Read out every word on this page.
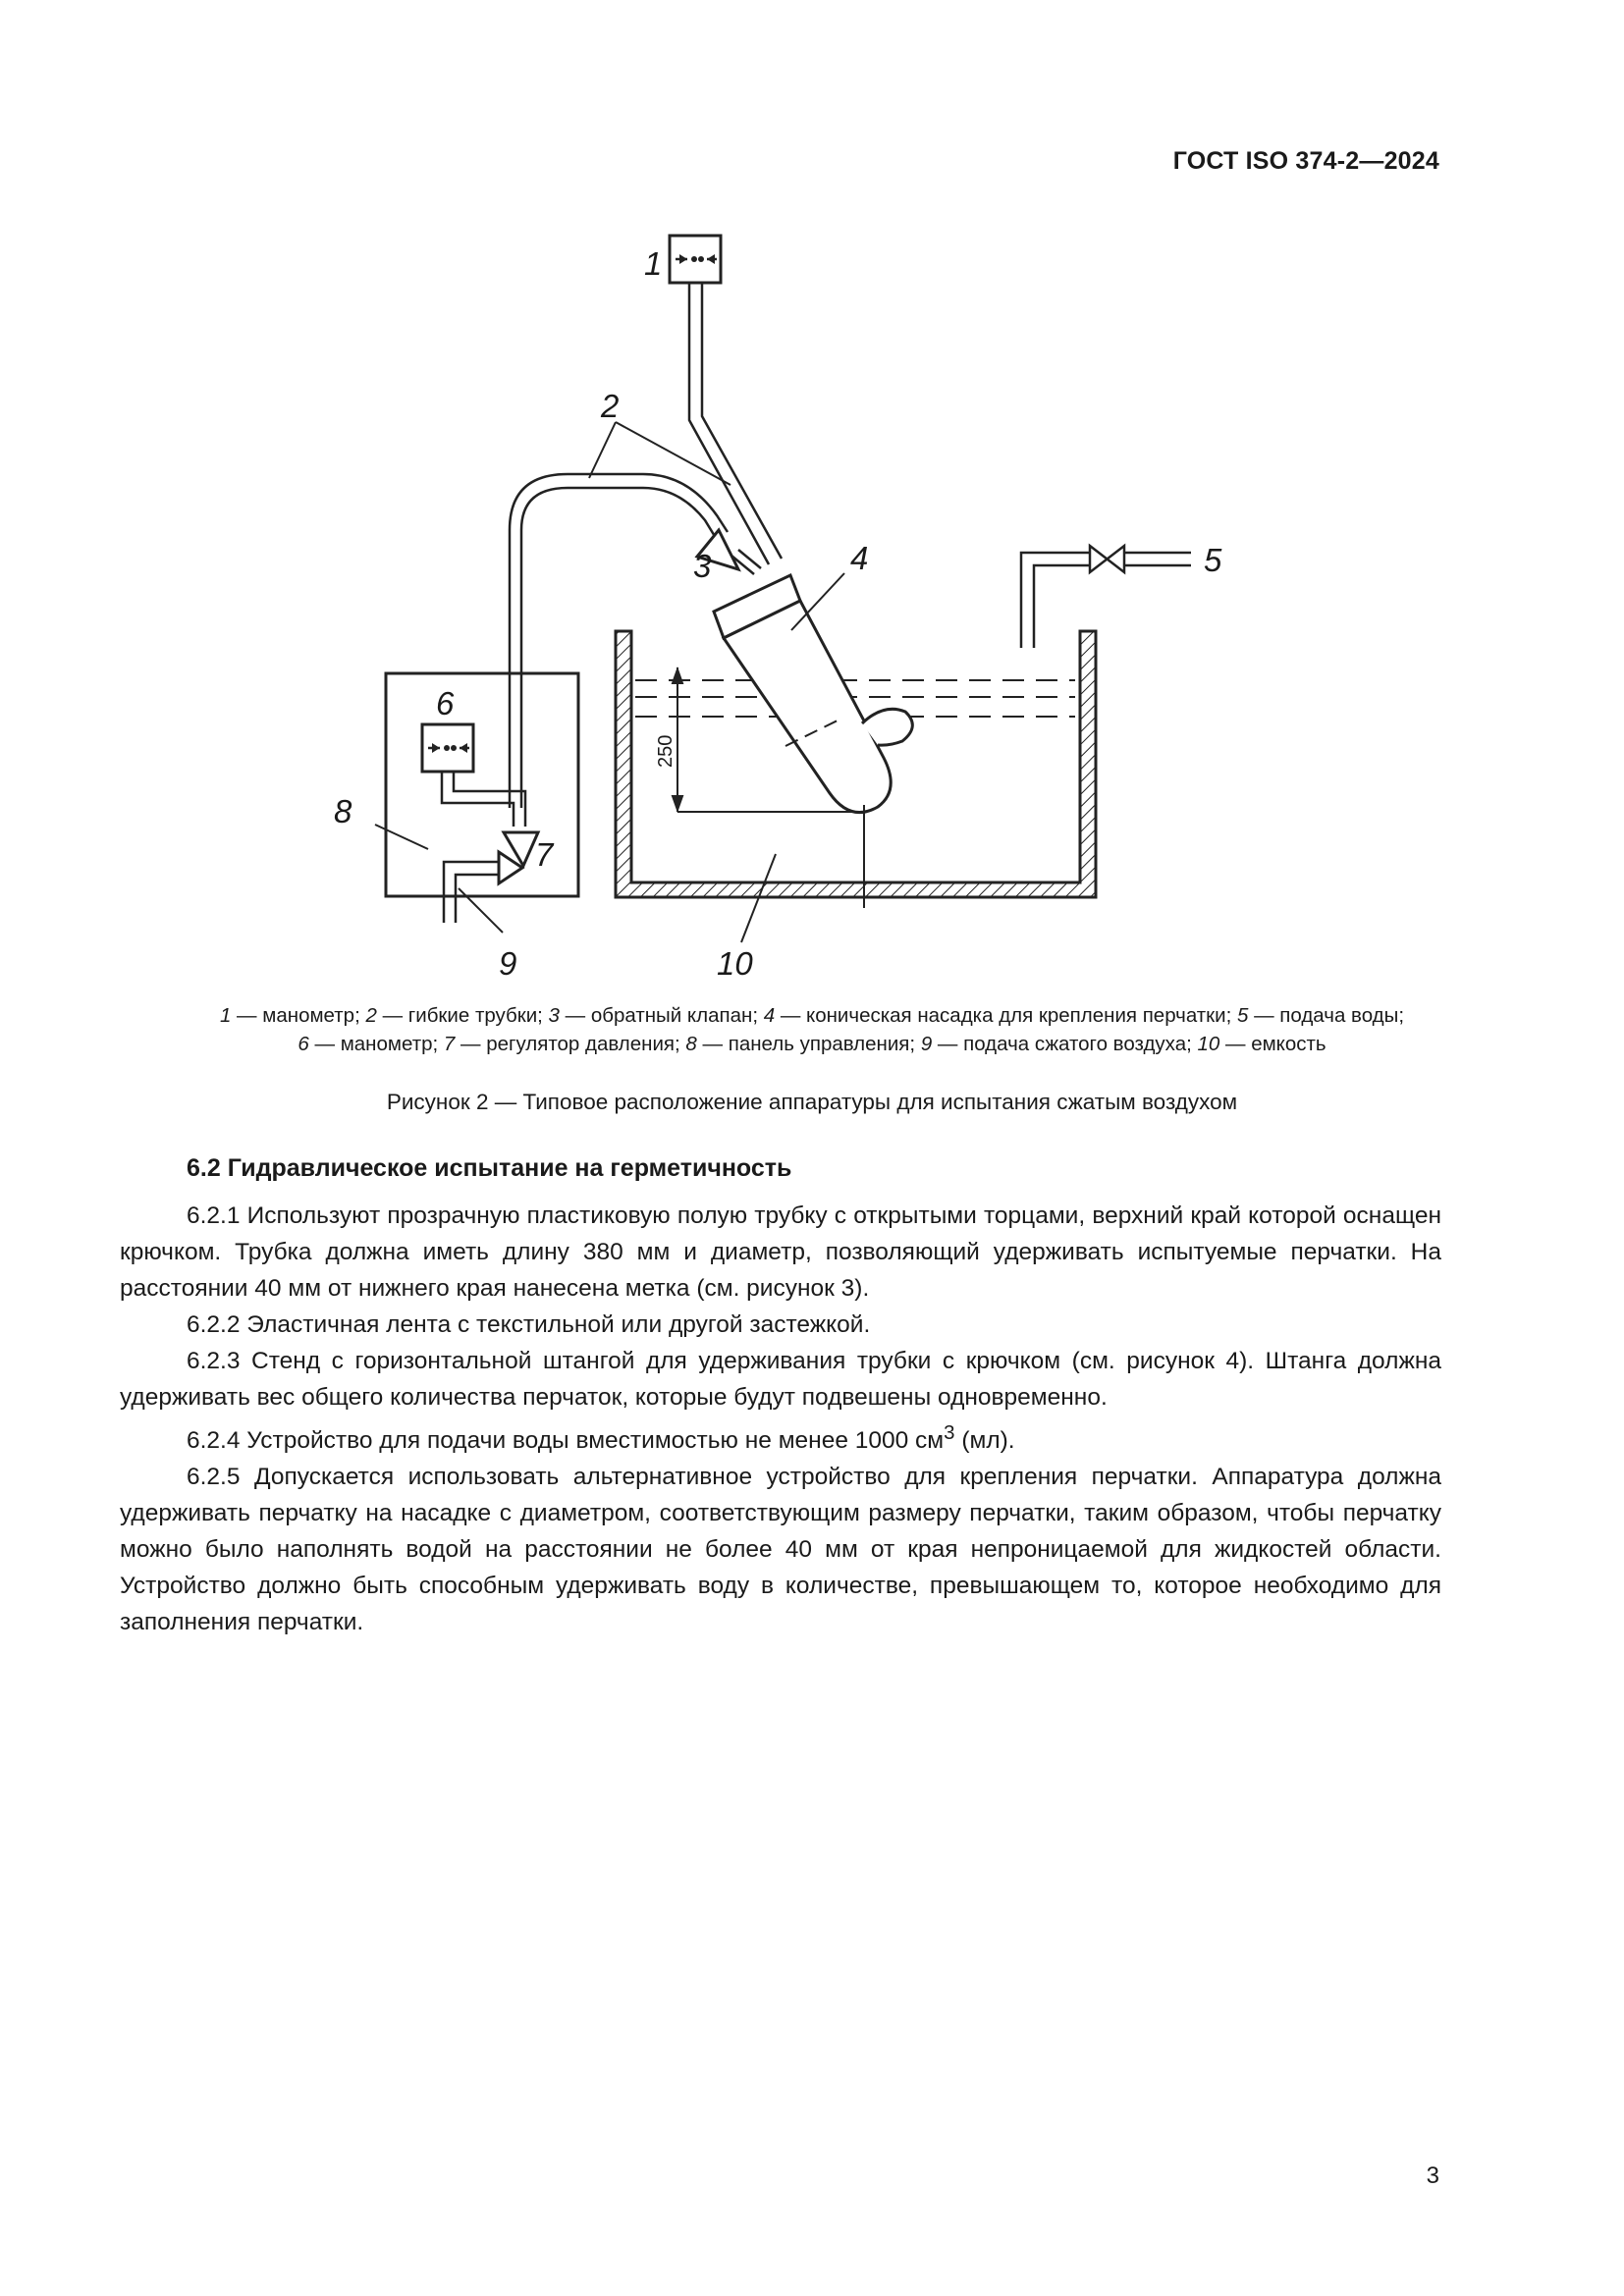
ГОСТ ISO 374-2—2024
250
1
2
3	4	5
6
7
8
9	10
1 — манометр; 2 — гибкие трубки; 3 — обратный клапан; 4 — коническая насадка для крепления перчатки; 5 — подача воды;
6 — манометр; 7 — регулятор давления; 8 — панель управления; 9 — подача сжатого воздуха; 10 — емкость
Рисунок 2 — Типовое расположение аппаратуры для испытания сжатым воздухом
6.2 Гидравлическое испытание на герметичность

6.2.1 Используют прозрачную пластиковую полую трубку с открытыми торцами, верхний край которой оснащен крючком. Трубка должна иметь длину 380 мм и диаметр, позволяющий удерживать испытуемые перчатки. На расстоянии 40 мм от нижнего края нанесена метка (см. рисунок 3).

6.2.2 Эластичная лента с текстильной или другой застежкой.

6.2.3 Стенд с горизонтальной штангой для удерживания трубки с крючком (см. рисунок 4). Штанга должна удерживать вес общего количества перчаток, которые будут подвешены одновременно.

6.2.4 Устройство для подачи воды вместимостью не менее 1000 $см^3$ (мл).

6.2.5 Допускается использовать альтернативное устройство для крепления перчатки. Аппаратура должна удерживать перчатку на насадке с диаметром, соответствующим размеру перчатки, таким образом, чтобы перчатку можно было наполнять водой на расстоянии не более 40 мм от края непроницаемой для жидкостей области. Устройство должно быть способным удерживать воду в количестве, превышающем то, которое необходимо для заполнения перчатки.

3
